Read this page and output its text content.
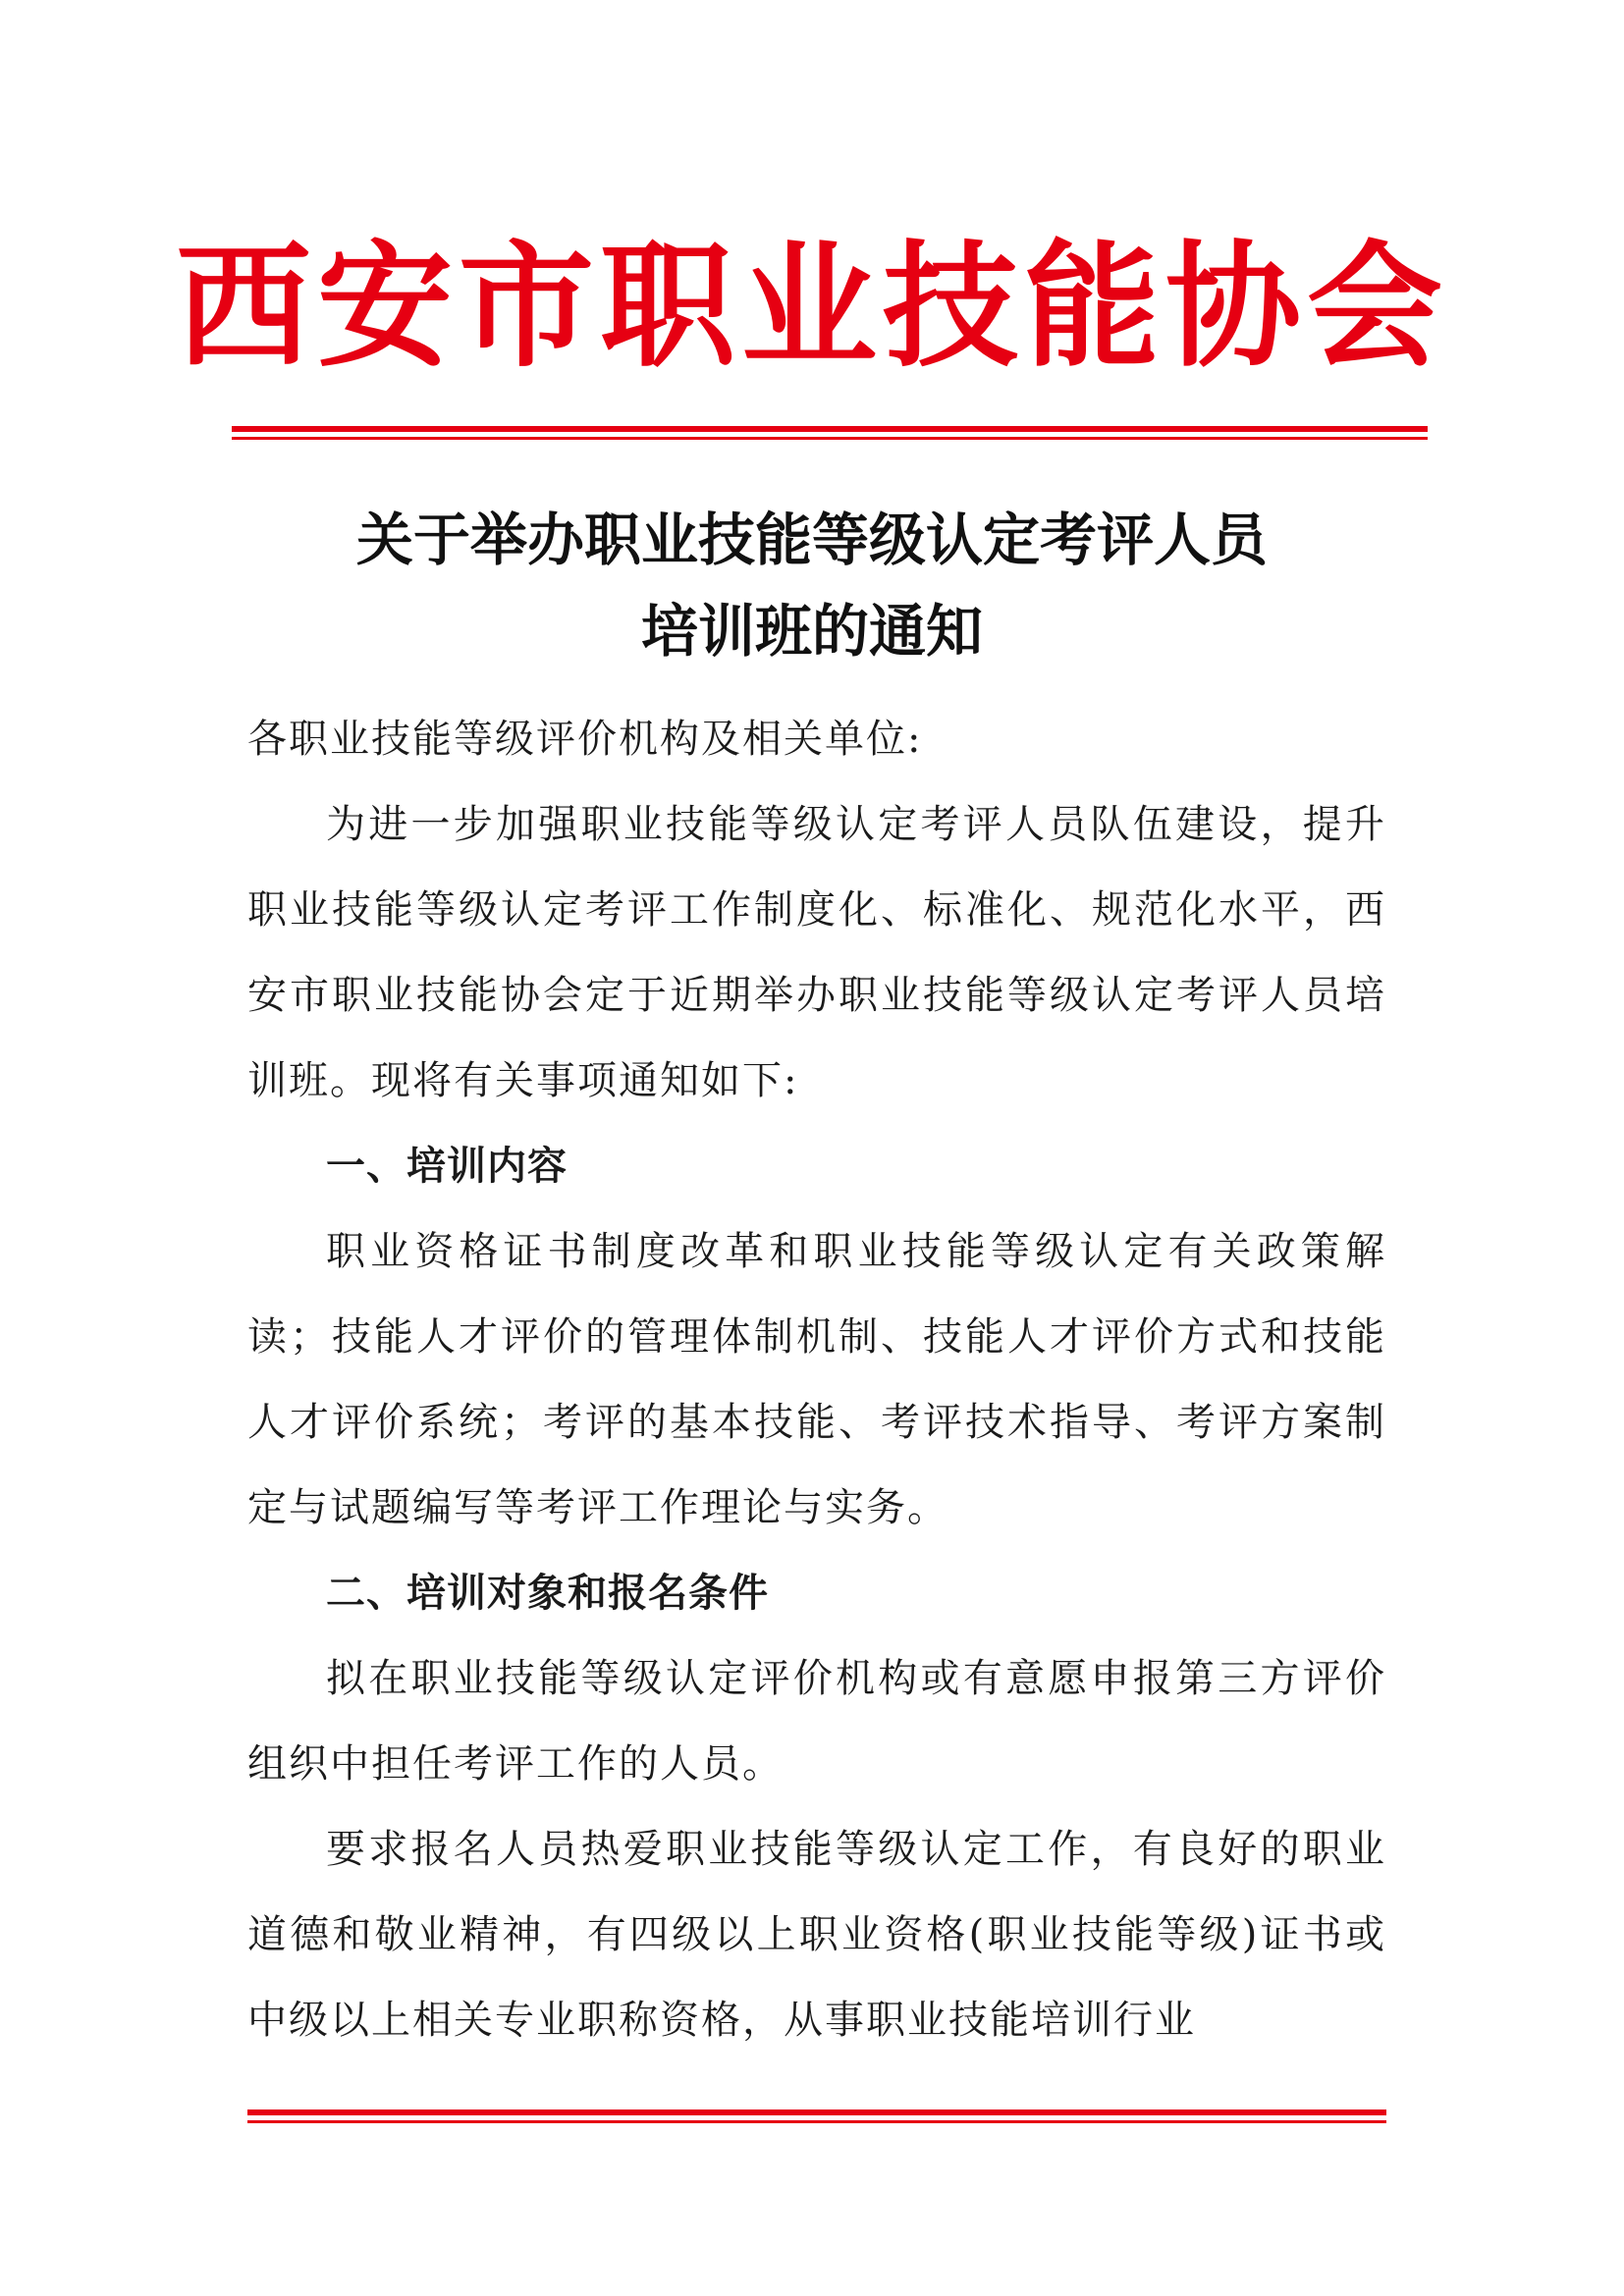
西安市职业技能协会
关于举办职业技能等级认定考评人员
培训班的通知

各职业技能等级评价机构及相关单位:

为进一步加强职业技能等级认定考评人员队伍建设，提升职业技能等级认定考评工作制度化、标准化、规范化水平，西安市职业技能协会定于近期举办职业技能等级认定考评人员培训班。现将有关事项通知如下:

一、培训内容

职业资格证书制度改革和职业技能等级认定有关政策解读；技能人才评价的管理体制机制、技能人才评价方式和技能人才评价系统；考评的基本技能、考评技术指导、考评方案制定与试题编写等考评工作理论与实务。

二、培训对象和报名条件

拟在职业技能等级认定评价机构或有意愿申报第三方评价组织中担任考评工作的人员。

要求报名人员热爱职业技能等级认定工作，有良好的职业道德和敬业精神，有四级以上职业资格(职业技能等级)证书或中级以上相关专业职称资格，从事职业技能培训行业
